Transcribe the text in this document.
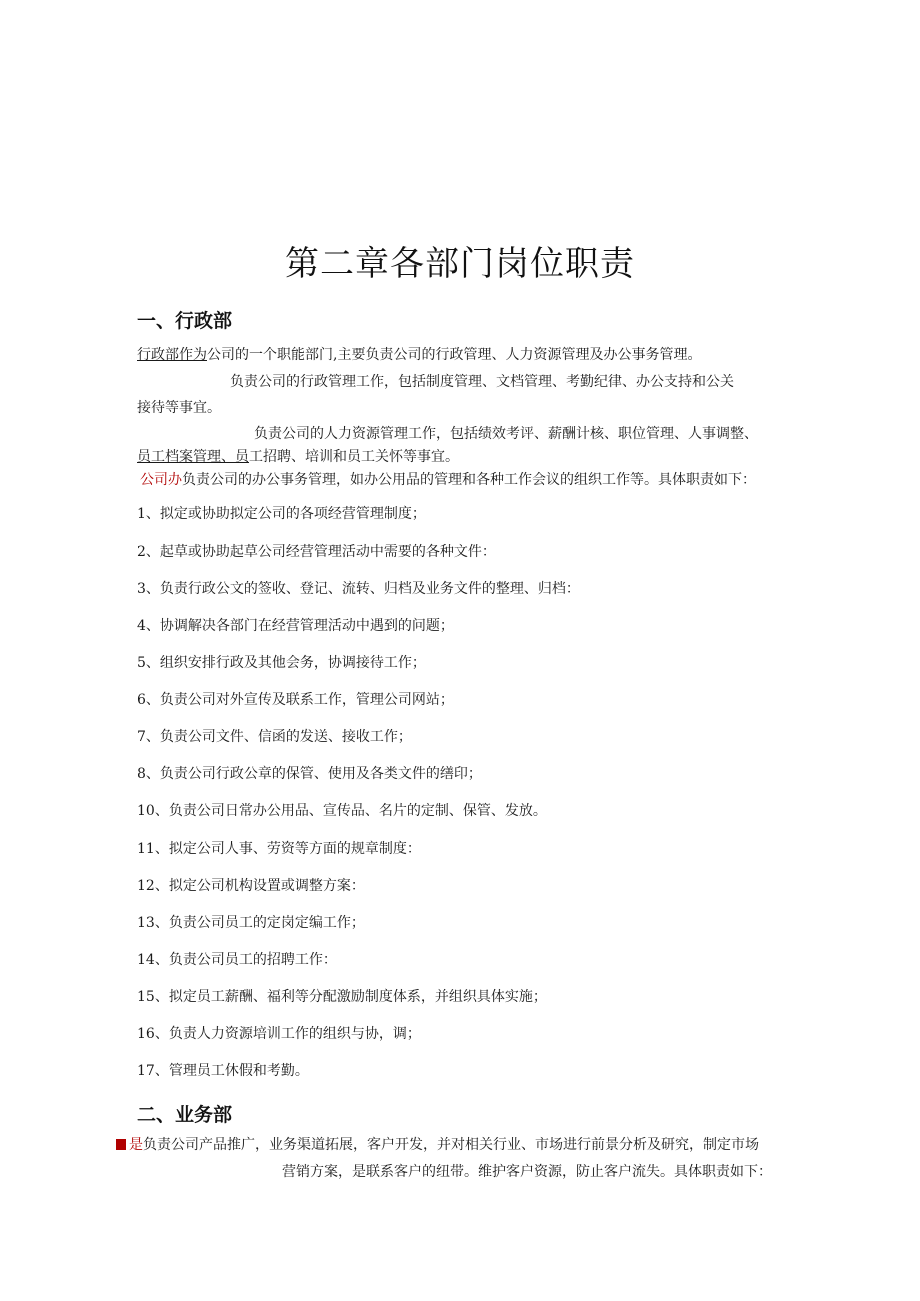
第二章各部门岗位职责
一、行政部
行政部作为公司的一个职能部门,主要负责公司的行政管理、人力资源管理及办公事务管理。
负责公司的行政管理工作，包括制度管理、文档管理、考勤纪律、办公支持和公关
接待等事宜。
负责公司的人力资源管理工作，包括绩效考评、薪酬计核、职位管理、人事调整、
员工档案管理、员工招聘、培训和员工关怀等事宜。
公司办负责公司的办公事务管理，如办公用品的管理和各种工作会议的组织工作等。具体职责如下：
1、拟定或协助拟定公司的各项经营管理制度；
2、起草或协助起草公司经营管理活动中需要的各种文件：
3、负责行政公文的签收、登记、流转、归档及业务文件的整理、归档：
4、协调解决各部门在经营管理活动中遇到的问题；
5、组织安排行政及其他会务，协调接待工作；
6、负责公司对外宣传及联系工作，管理公司网站；
7、负责公司文件、信函的发送、接收工作；
8、负责公司行政公章的保管、使用及各类文件的缮印；
10、负责公司日常办公用品、宣传品、名片的定制、保管、发放。
11、拟定公司人事、劳资等方面的规章制度：
12、拟定公司机构设置或调整方案：
13、负责公司员工的定岗定编工作；
14、负责公司员工的招聘工作：
15、拟定员工薪酬、福利等分配激励制度体系，并组织具体实施；
16、负责人力资源培训工作的组织与协，调；
17、管理员工休假和考勤。
二、业务部
是负责公司产品推广，业务渠道拓展，客户开发，并对相关行业、市场进行前景分析及研究，制定市场
营销方案，是联系客户的纽带。维护客户资源，防止客户流失。具体职责如下：
